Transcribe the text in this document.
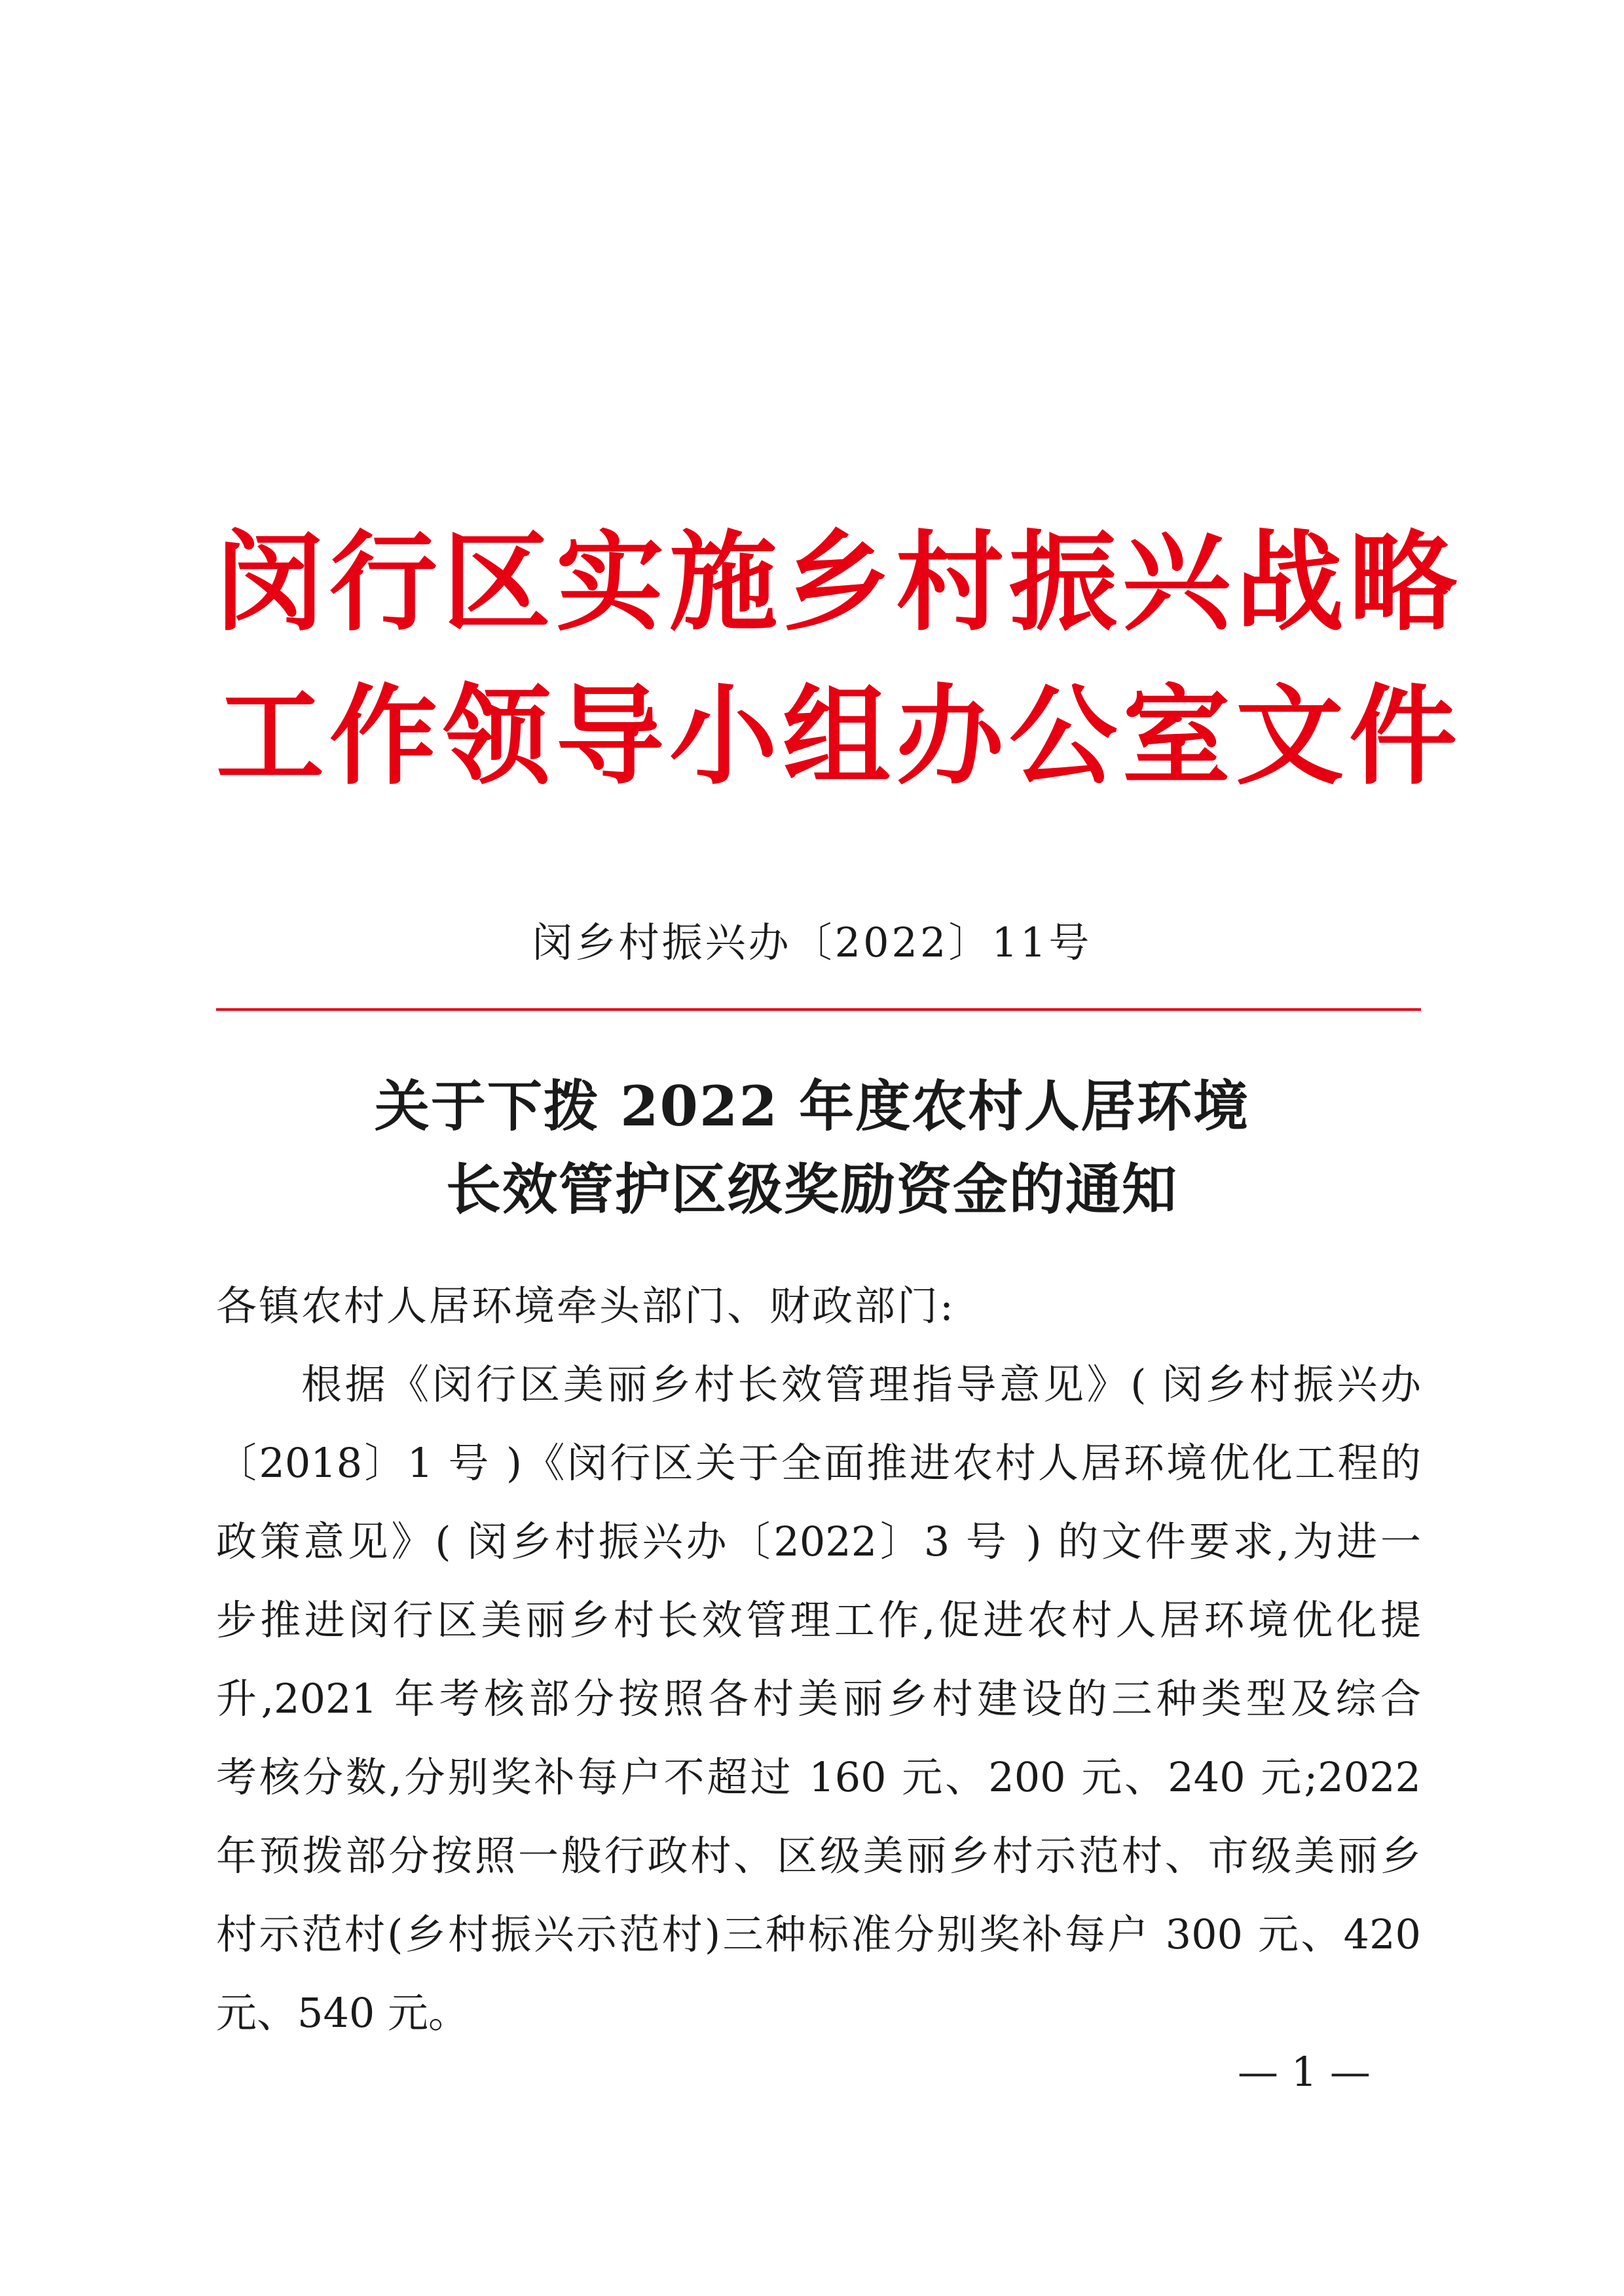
闵行区实施乡村振兴战略
工作领导小组办公室文件
闵乡村振兴办〔2022〕11号
关于下拨 2022 年度农村人居环境
长效管护区级奖励资金的通知
各镇农村人居环境牵头部门、财政部门:
根据《闵行区美丽乡村长效管理指导意见》( 闵乡村振兴办
〔2018〕1 号 )《闵行区关于全面推进农村人居环境优化工程的
政策意见》( 闵乡村振兴办〔2022〕3 号 ) 的文件要求,为进一
步推进闵行区美丽乡村长效管理工作,促进农村人居环境优化提
升,2021 年考核部分按照各村美丽乡村建设的三种类型及综合
考核分数,分别奖补每户不超过 160 元、200 元、240 元;2022
年预拨部分按照一般行政村、区级美丽乡村示范村、市级美丽乡
村示范村(乡村振兴示范村)三种标准分别奖补每户 300 元、420
元、540 元。
— 1 —
